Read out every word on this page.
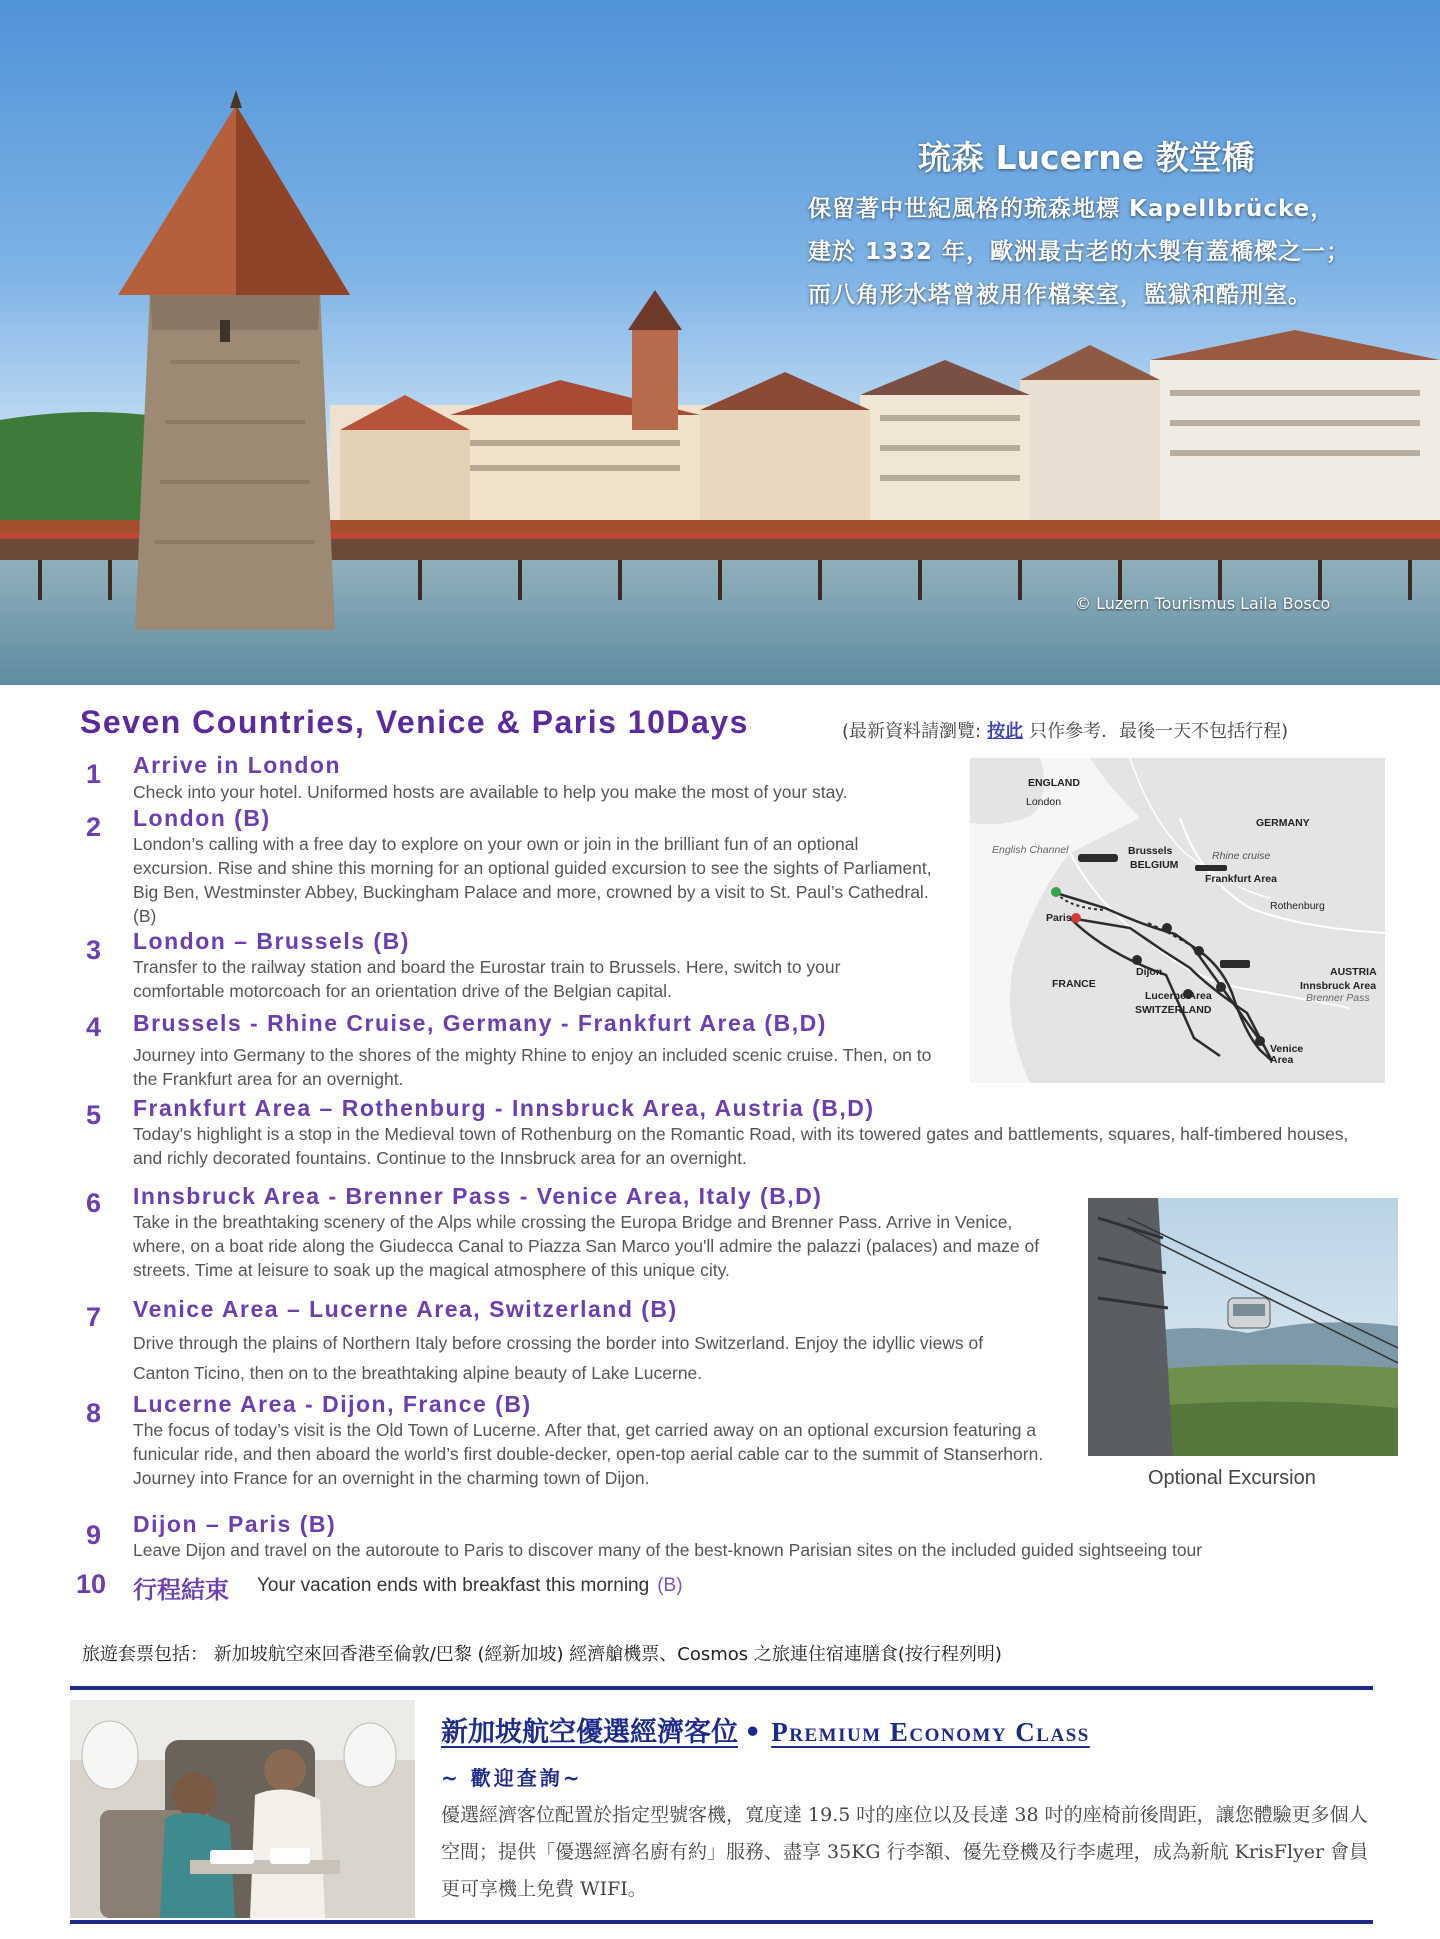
琉森 Lucerne 教堂橋
保留著中世紀風格的琉森地標 Kapellbrücke，
建於 1332 年，歐洲最古老的木製有蓋橋樑之一；
而八角形水塔曾被用作檔案室，監獄和酷刑室。
© Luzern Tourismus Laila Bosco
Seven Countries, Venice & Paris 10Days	(最新資料請瀏覽: 按此 只作參考．最後一天不包括行程)
1 Arrive in London
Check into your hotel. Uniformed hosts are available to help you make the most of your stay.
2 London (B)
London’s calling with a free day to explore on your own or join in the brilliant fun of an optional excursion. Rise and shine this morning for an optional guided excursion to see the sights of Parliament, Big Ben, Westminster Abbey, Buckingham Palace and more, crowned by a visit to St. Paul’s Cathedral. (B)
3 London – Brussels (B)
Transfer to the railway station and board the Eurostar train to Brussels. Here, switch to your comfortable motorcoach for an orientation drive of the Belgian capital.
4 Brussels - Rhine Cruise, Germany - Frankfurt Area (B,D)
Journey into Germany to the shores of the mighty Rhine to enjoy an included scenic cruise. Then, on to the Frankfurt area for an overnight.
ENGLAND
London
GERMANY
English Channel	Brussels
BELGIUM
Rhine cruise
Frankfurt Area
Rothenburg
Paris
Dijon
FRANCE
AUSTRIA
Innsbruck Area
Brenner Pass
Lucerne Area
SWITZERLAND
Venice
Area
5 Frankfurt Area – Rothenburg - Innsbruck Area, Austria (B,D)
Today's highlight is a stop in the Medieval town of Rothenburg on the Romantic Road, with its towered gates and battlements, squares, half-timbered houses, and richly decorated fountains. Continue to the Innsbruck area for an overnight.
6 Innsbruck Area - Brenner Pass - Venice Area, Italy (B,D)
Take in the breathtaking scenery of the Alps while crossing the Europa Bridge and Brenner Pass. Arrive in Venice, where, on a boat ride along the Giudecca Canal to Piazza San Marco you'll admire the palazzi (palaces) and maze of streets. Time at leisure to soak up the magical atmosphere of this unique city.
Optional Excursion
7 Venice Area – Lucerne Area, Switzerland (B)
Drive through the plains of Northern Italy before crossing the border into Switzerland. Enjoy the idyllic views of Canton Ticino, then on to the breathtaking alpine beauty of Lake Lucerne.
8 Lucerne Area - Dijon, France (B)
The focus of today’s visit is the Old Town of Lucerne. After that, get carried away on an optional excursion featuring a funicular ride, and then aboard the world’s first double-decker, open-top aerial cable car to the summit of Stanserhorn. Journey into France for an overnight in the charming town of Dijon.
9 Dijon – Paris (B)
Leave Dijon and travel on the autoroute to Paris to discover many of the best-known Parisian sites on the included guided sightseeing tour
10 行程結束 Your vacation ends with breakfast this morning (B)
旅遊套票包括： 新加坡航空來回香港至倫敦/巴黎 (經新加坡) 經濟艙機票、Cosmos 之旅連住宿連膳食(按行程列明)
新加坡航空優選經濟客位 • Premium Economy Class
~ 歡迎查詢~
優選經濟客位配置於指定型號客機，寬度達 19.5 吋的座位以及長達 38 吋的座椅前後間距，讓您體驗更多個人空間；提供「優選經濟名廚有約」服務、盡享 35KG 行李額、優先登機及行李處理，成為新航 KrisFlyer 會員更可享機上免費 WIFI。
